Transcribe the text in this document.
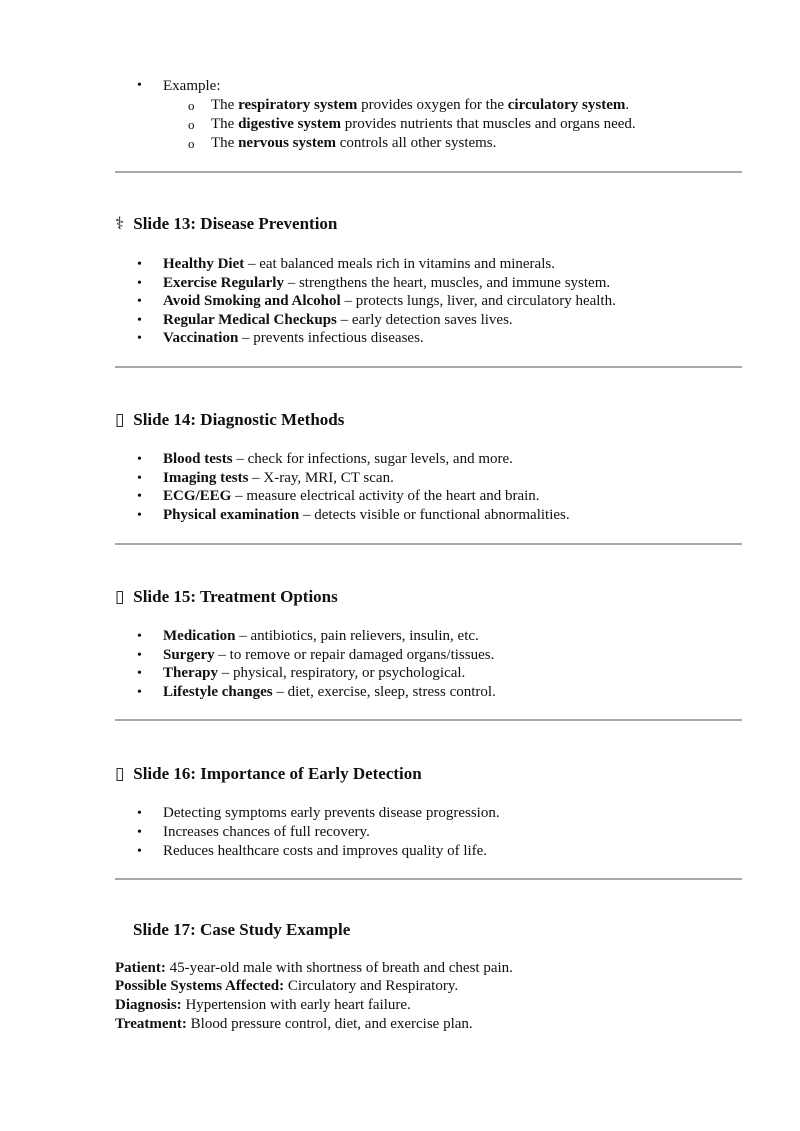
• Example:
o The respiratory system provides oxygen for the circulatory system.
o The digestive system provides nutrients that muscles and organs need.
o The nervous system controls all other systems.
⚕ Slide 13: Disease Prevention
• Healthy Diet – eat balanced meals rich in vitamins and minerals.
• Exercise Regularly – strengthens the heart, muscles, and immune system.
• Avoid Smoking and Alcohol – protects lungs, liver, and circulatory health.
• Regular Medical Checkups – early detection saves lives.
• Vaccination – prevents infectious diseases.
▯ Slide 14: Diagnostic Methods
• Blood tests – check for infections, sugar levels, and more.
• Imaging tests – X-ray, MRI, CT scan.
• ECG/EEG – measure electrical activity of the heart and brain.
• Physical examination – detects visible or functional abnormalities.
▯ Slide 15: Treatment Options
• Medication – antibiotics, pain relievers, insulin, etc.
• Surgery – to remove or repair damaged organs/tissues.
• Therapy – physical, respiratory, or psychological.
• Lifestyle changes – diet, exercise, sleep, stress control.
▯ Slide 16: Importance of Early Detection
• Detecting symptoms early prevents disease progression.
• Increases chances of full recovery.
• Reduces healthcare costs and improves quality of life.
Slide 17: Case Study Example
Patient: 45-year-old male with shortness of breath and chest pain.
Possible Systems Affected: Circulatory and Respiratory.
Diagnosis: Hypertension with early heart failure.
Treatment: Blood pressure control, diet, and exercise plan.
